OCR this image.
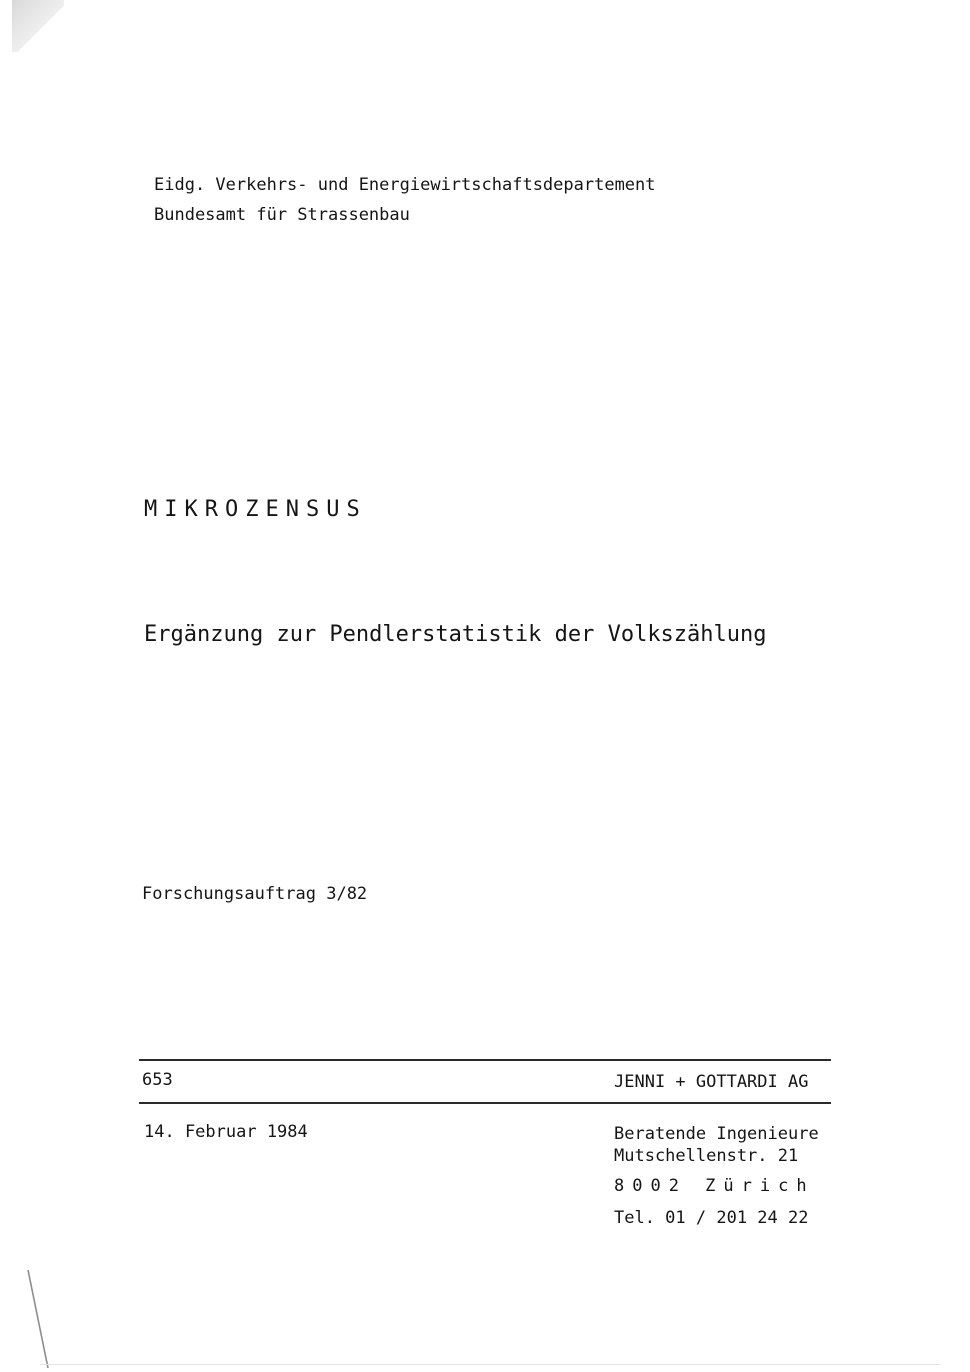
Eidg. Verkehrs- und Energiewirtschaftsdepartement
Bundesamt für Strassenbau
MIKROZENSUS
Ergänzung zur Pendlerstatistik der Volkszählung
Forschungsauftrag 3/82
653	JENNI + GOTTARDI AG
14. Februar 1984	Beratende Ingenieure
Mutschellenstr. 21
8002 Zürich
Tel. 01 / 201 24 22
